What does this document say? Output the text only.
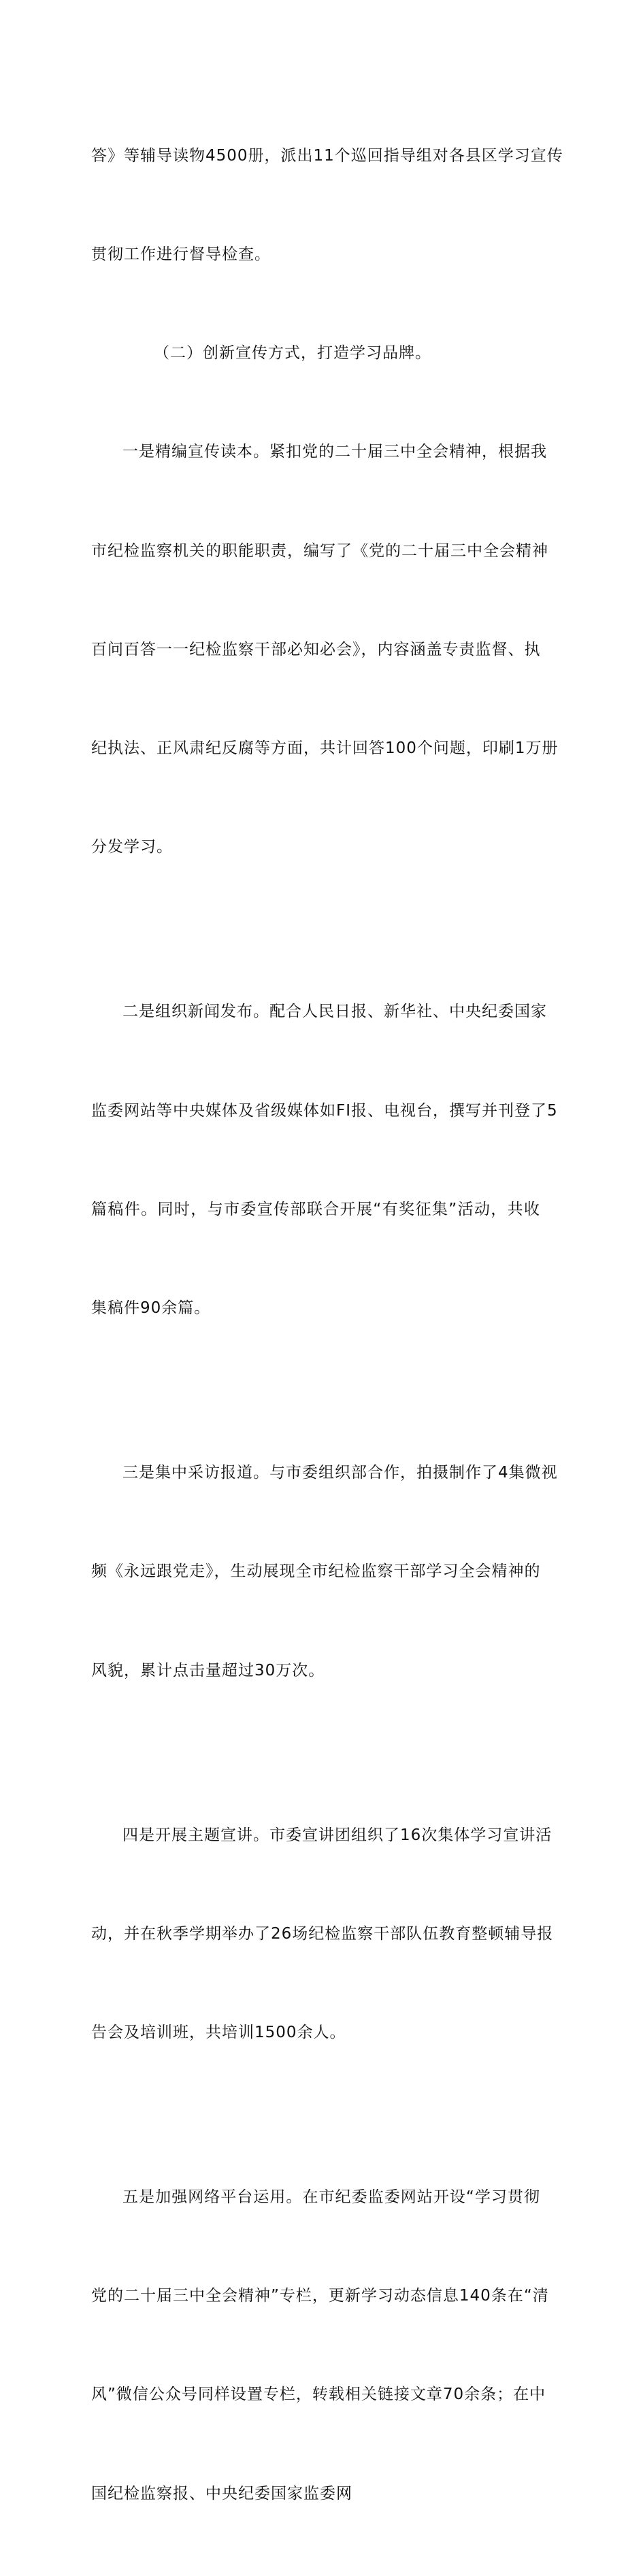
答》等辅导读物4500册，派出11个巡回指导组对各县区学习宣传

贯彻工作进行督导检查。

（二）创新宣传方式，打造学习品牌。

一是精编宣传读本。紧扣党的二十届三中全会精神，根据我

市纪检监察机关的职能职责，编写了《党的二十届三中全会精神

百问百答一一纪检监察干部必知必会》，内容涵盖专责监督、执

纪执法、正风肃纪反腐等方面，共计回答100个问题，印刷1万册

分发学习。

二是组织新闻发布。配合人民日报、新华社、中央纪委国家

监委网站等中央媒体及省级媒体如FI报、电视台，撰写并刊登了5

篇稿件。同时，与市委宣传部联合开展“有奖征集”活动，共收

集稿件90余篇。

三是集中采访报道。与市委组织部合作，拍摄制作了4集微视

频《永远跟党走》，生动展现全市纪检监察干部学习全会精神的

风貌，累计点击量超过30万次。

四是开展主题宣讲。市委宣讲团组织了16次集体学习宣讲活

动，并在秋季学期举办了26场纪检监察干部队伍教育整顿辅导报

告会及培训班，共培训1500余人。

五是加强网络平台运用。在市纪委监委网站开设“学习贯彻

党的二十届三中全会精神”专栏，更新学习动态信息140条在“清

风”微信公众号同样设置专栏，转载相关链接文章70余条；在中

国纪检监察报、中央纪委国家监委网
